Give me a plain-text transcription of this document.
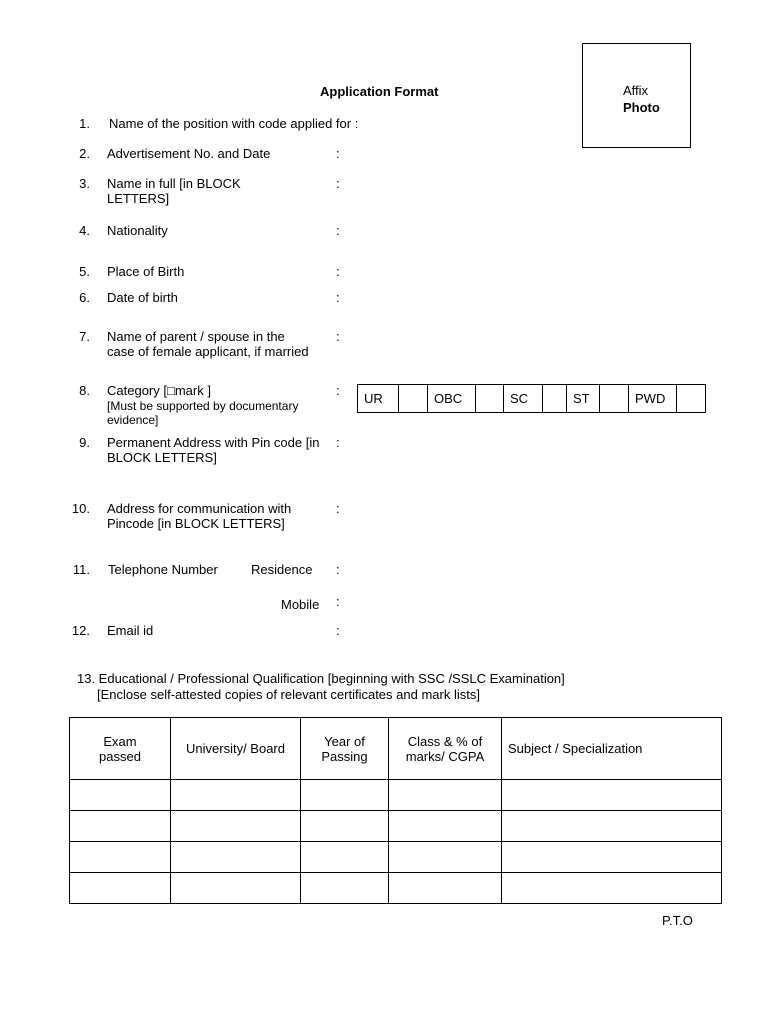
Affix
Photo
Application Format
1. Name of the position with code applied for :
2. Advertisement No. and Date	:
3. Name in full [in BLOCK LETTERS]
:
4. Nationality	:
5. Place of Birth	:
6. Date of birth	:
7. Name of parent / spouse in the case of female applicant, if married
:
8. Category [□mark ]
[Must be supported by documentary evidence]
:
UR		OBC		SC		ST		PWD	
9. Permanent Address with Pin code [in BLOCK LETTERS]
:
10. Address for communication with Pincode [in BLOCK LETTERS]
:
11. Telephone Number	Residence :
Mobile :
12. Email id	:
13. Educational / Professional Qualification [beginning with SSC /SSLC Examination]
[Enclose self-attested copies of relevant certificates and mark lists]
Exam passed	University/ Board	Year of Passing	Class & % of marks/ CGPA	Subject / Specialization

P.T.O
